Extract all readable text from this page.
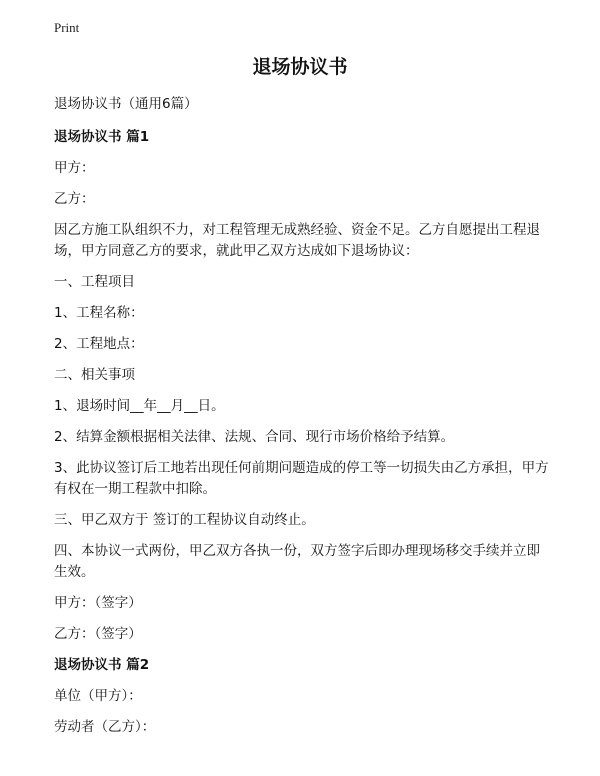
Print
退场协议书

退场协议书（通用6篇）

退场协议书 篇1

甲方：

乙方：

因乙方施工队组织不力，对工程管理无成熟经验、资金不足。乙方自愿提出工程退场，甲方同意乙方的要求，就此甲乙双方达成如下退场协议：

一、工程项目

1、工程名称：

2、工程地点：

二、相关事项

1、退场时间__年__月__日。

2、结算金额根据相关法律、法规、合同、现行市场价格给予结算。

3、此协议签订后工地若出现任何前期问题造成的停工等一切损失由乙方承担，甲方有权在一期工程款中扣除。

三、甲乙双方于 签订的工程协议自动终止。

四、本协议一式两份，甲乙双方各执一份，双方签字后即办理现场移交手续并立即生效。

甲方：（签字）

乙方：（签字）

退场协议书 篇2

单位（甲方）：

劳动者（乙方）：
